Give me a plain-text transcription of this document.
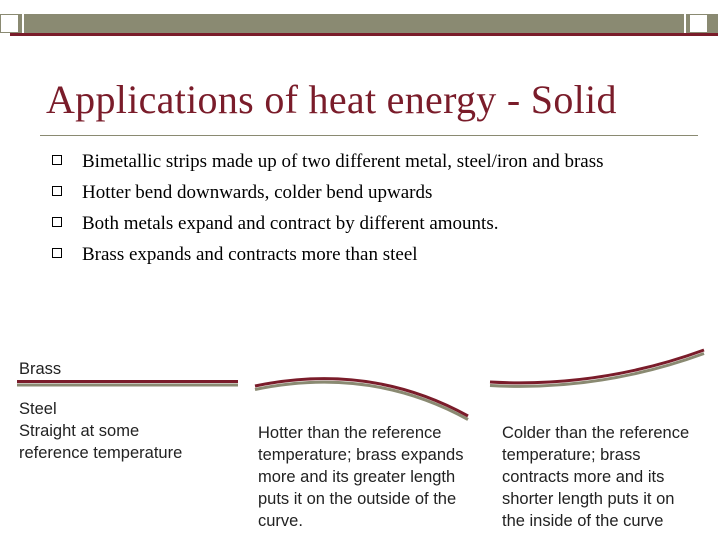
Applications of heat energy - Solid
Bimetallic strips made up of two different metal, steel/iron and brass
Hotter bend downwards, colder bend upwards
Both metals expand and contract by different amounts.
Brass expands and contracts more than steel

Brass

Steel

Straight at some
reference temperature
Hotter than the reference
temperature; brass expands
more and its greater length
puts it on the outside of the
curve.
Colder than the reference
temperature; brass
contracts more and its
shorter length puts it on
the inside of the curve
